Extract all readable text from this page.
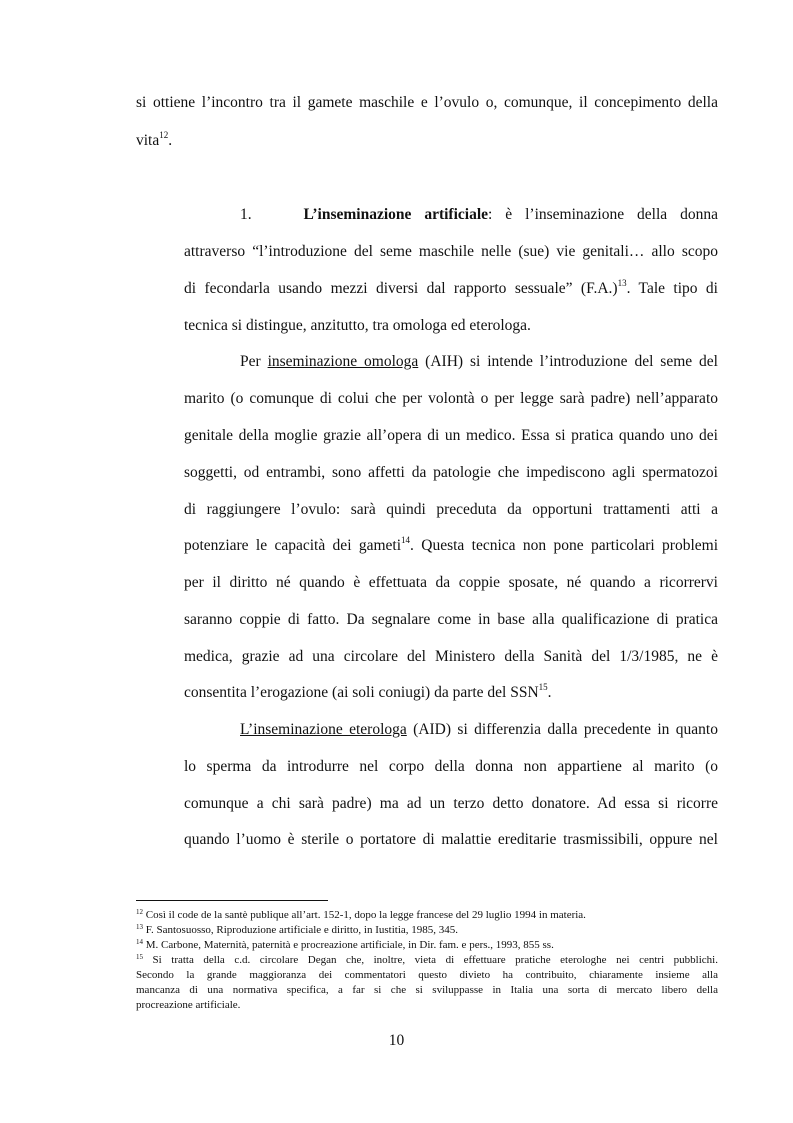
si ottiene l’incontro tra il gamete maschile e l’ovulo o, comunque, il concepimento della
vita$^{12}$.
1.	L’inseminazione artificiale: è l’inseminazione della donna
attraverso “l’introduzione del seme maschile nelle (sue) vie genitali… allo scopo
di fecondarla usando mezzi diversi dal rapporto sessuale” $(F.A.)^{13}$. Tale tipo di
tecnica si distingue, anzitutto, tra omologa ed eterologa.
Per inseminazione omologa (AIH) si intende l’introduzione del seme del
marito (o comunque di colui che per volontà o per legge sarà padre) nell’apparato
genitale della moglie grazie all’opera di un medico. Essa si pratica quando uno dei
soggetti, od entrambi, sono affetti da patologie che impediscono agli spermatozoi
di raggiungere l’ovulo: sarà quindi preceduta da opportuni trattamenti atti a
potenziare le capacità dei gameti$^{14}$. Questa tecnica non pone particolari problemi
per il diritto né quando è effettuata da coppie sposate, né quando a ricorrervi
saranno coppie di fatto. Da segnalare come in base alla qualificazione di pratica
medica, grazie ad una circolare del Ministero della Sanità del 1/3/1985, ne è
consentita l’erogazione (ai soli coniugi) da parte del SSN$^{15}$.
L’inseminazione eterologa (AID) si differenzia dalla precedente in quanto
lo sperma da introdurre nel corpo della donna non appartiene al marito (o
comunque a chi sarà padre) ma ad un terzo detto donatore. Ad essa si ricorre
quando l’uomo è sterile o portatore di malattie ereditarie trasmissibili, oppure nel
$^{12}$ Così il code de la santè publique all’art. 152-1, dopo la legge francese del 29 luglio 1994 in materia.
$^{13}$ F. Santosuosso, Riproduzione artificiale e diritto, in Iustitia, 1985, 345.
$^{14}$ M. Carbone, Maternità, paternità e procreazione artificiale, in Dir. fam. e pers., 1993, 855 ss.
$^{15}$ Si tratta della c.d. circolare Degan che, inoltre, vieta di effettuare pratiche eterologhe nei centri pubblichi.
Secondo la grande maggioranza dei commentatori questo divieto ha contribuito, chiaramente insieme alla
mancanza di una normativa specifica, a far si che si sviluppasse in Italia una sorta di mercato libero della
procreazione artificiale.
10
